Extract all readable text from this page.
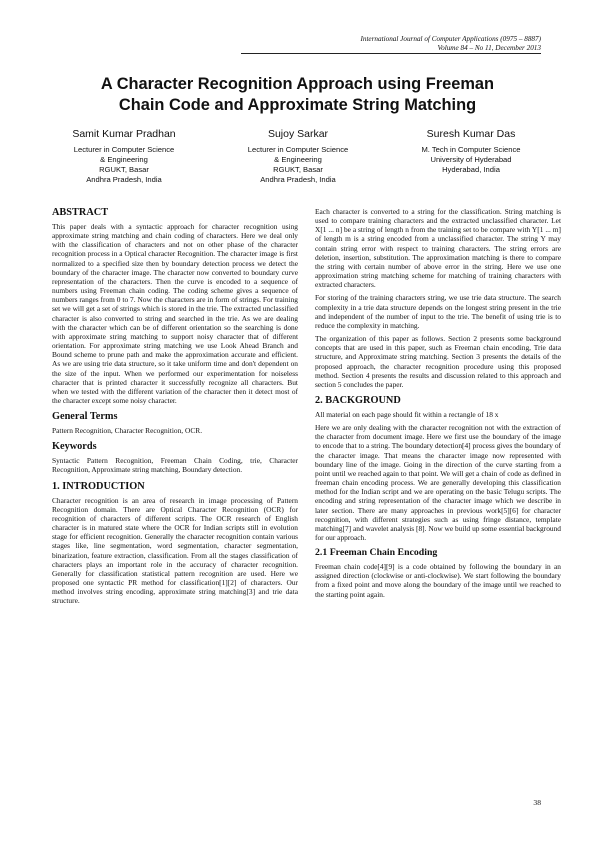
International Journal of Computer Applications (0975 – 8887)
Volume 84 – No 11, December 2013
A Character Recognition Approach using Freeman
Chain Code and Approximate String Matching
Samit Kumar Pradhan
Lecturer in Computer Science
& Engineering
RGUKT, Basar
Andhra Pradesh, India
Sujoy Sarkar
Lecturer in Computer Science
& Engineering
RGUKT, Basar
Andhra Pradesh, India
Suresh Kumar Das
M. Tech in Computer Science
University of Hyderabad
Hyderabad, India
ABSTRACT

This paper deals with a syntactic approach for character recognition using approximate string matching and chain coding of characters. Here we deal only with the classification of characters and not on other phase of the character recognition process in a Optical character Recognition. The character image is first normalized to a specified size then by boundary detection process we detect the boundary of the character image. The character now converted to boundary curve representation of the characters. Then the curve is encoded to a sequence of numbers using Freeman chain coding. The coding scheme gives a sequence of numbers ranges from 0 to 7. Now the characters are in form of strings. For training set we will get a set of strings which is stored in the trie. The extracted unclassified character is also converted to string and searched in the trie. As we are dealing with the character which can be of different orientation so the searching is done with approximate string matching to support noisy character that of different orientation. For approximate string matching we use Look Ahead Branch and Bound scheme to prune path and make the approximation accurate and efficient. As we are using trie data structure, so it take uniform time and don't dependent on the size of the input. When we performed our experimentation for noiseless character that is printed character it successfully recognize all characters. But when we tested with the different variation of the character then it detect most of the character except some noisy character.

General Terms

Pattern Recognition, Character Recognition, OCR.

Keywords

Syntactic Pattern Recognition, Freeman Chain Coding, trie, Character Recognition, Approximate string matching, Boundary detection.

1. INTRODUCTION

Character recognition is an area of research in image processing of Pattern Recognition domain. There are Optical Character Recognition (OCR) for recognition of characters of different scripts. The OCR research of English character is in matured state where the OCR for Indian scripts still in evolution stage for efficient recognition. Generally the character recognition contain various stages like, line segmentation, word segmentation, character segmentation, binarization, feature extraction, classification. From all the stages classification of characters plays an important role in the accuracy of character recognition. Generally for classification statistical pattern recognition are used. Here we proposed one syntactic PR method for classification[1][2] of characters. Our method involves string encoding, approximate string matching[3] and trie data structure.

Each character is converted to a string for the classification. String matching is used to compare training characters and the extracted unclassified character. Let X[1 ... n] be a string of length n from the training set to be compare with Y[1 ... m] of length m is a string encoded from a unclassified character. The string Y may contain string error with respect to training characters. The string errors are deletion, insertion, substitution. The approximation matching is there to compare the string with certain number of above error in the string. Here we use one approximation string matching scheme for matching of training characters with extracted characters.

For storing of the training characters string, we use trie data structure. The search complexity in a trie data structure depends on the longest string present in the trie and independent of the number of input to the trie. The benefit of using trie is to reduce the complexity in matching.

The organization of this paper as follows. Section 2 presents some background concepts that are used in this paper, such as Freeman chain encoding, Trie data structure, and Approximate string matching. Section 3 presents the details of the proposed approach, the character recognition procedure using this proposed method. Section 4 presents the results and discussion related to this approach and section 5 concludes the paper.

2. BACKGROUND

All material on each page should fit within a rectangle of 18 x

Here we are only dealing with the character recognition not with the extraction of the character from document image. Here we first use the boundary of the image to encode that to a string. The boundary detection[4] process gives the boundary of the character image. That means the character image now represented with boundary line of the image. Going in the direction of the curve starting from a point until we reached again to that point. We will get a chain of code as defined in freeman chain encoding process. We are generally developing this classification method for the Indian script and we are operating on the basic Telugu scripts. The encoding and string representation of the character image which we describe in later section. There are many approaches in previous work[5][6] for character recognition, with different strategies such as using fringe distance, template matching[7] and wavelet analysis [8]. Now we build up some essential background for our approach.

2.1 Freeman Chain Encoding

Freeman chain code[4][9] is a code obtained by following the boundary in an assigned direction (clockwise or anti-clockwise). We start following the boundary from a fixed point and move along the boundary of the image until we reached to the starting point again.

38
